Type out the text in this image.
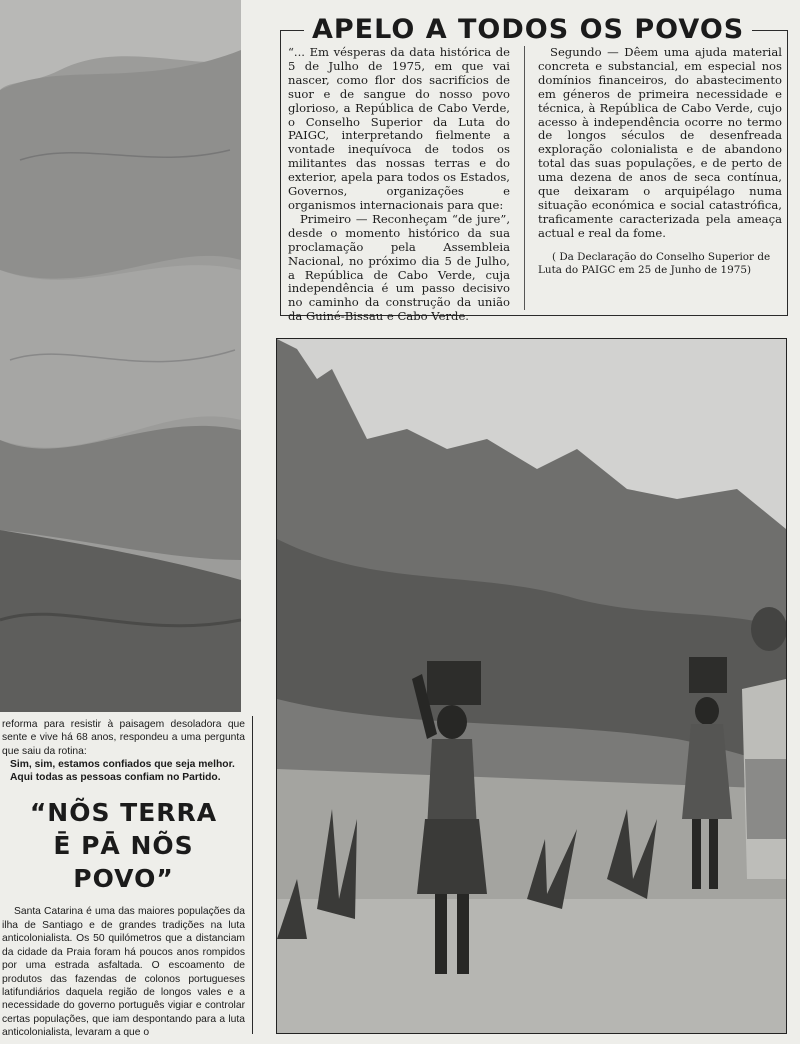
APELO A TODOS OS POVOS

“... Em vésperas da data histórica de 5 de Julho de 1975, em que vai nascer, como flor dos sacrifícios de suor e de sangue do nosso povo glorioso, a República de Cabo Verde, o Conselho Superior da Luta do PAIGC, interpretando fielmente a vontade inequívoca de todos os militantes das nossas terras e do exterior, apela para todos os Estados, Governos, organizações e organismos internacionais para que:

Primeiro — Reconheçam “de jure”, desde o momento histórico da sua proclamação pela Assembleia Nacional, no próximo dia 5 de Julho, a República de Cabo Verde, cuja independência é um passo decisivo no caminho da construção da união da Guiné-Bissau e Cabo Verde.

Segundo — Dêem uma ajuda material concreta e substancial, em especial nos domínios financeiros, do abastecimento em géneros de primeira necessidade e técnica, à República de Cabo Verde, cujo acesso à independência ocorre no termo de longos séculos de desenfreada exploração colonialista e de abandono total das suas populações, e de perto de uma dezena de anos de seca contínua, que deixaram o arquipélago numa situação económica e social catastrófica, traficamente caracterizada pela ameaça actual e real da fome.

( Da Declaração do Conselho Superior de Luta do PAIGC em 25 de Junho de 1975)

reforma para resistir à paisagem desoladora que sente e vive há 68 anos, respondeu a uma pergunta que saiu da rotina:

Sim, sim, estamos confiados que seja melhor. Aqui todas as pessoas confiam no Partido.

“NÕS TERRA
Ē PĀ NÕS POVO”

Santa Catarina é uma das maiores populações da ilha de Santiago e de grandes tradições na luta anticolonialista. Os 50 quilómetros que a distanciam da cidade da Praia foram há poucos anos rompidos por uma estrada asfaltada. O escoamento de produtos das fazendas de colonos portugueses latifundiários daquela região de longos vales e a necessidade do governo português vigiar e controlar certas populações, que iam despontando para a luta anticolonialista, levaram a que o
